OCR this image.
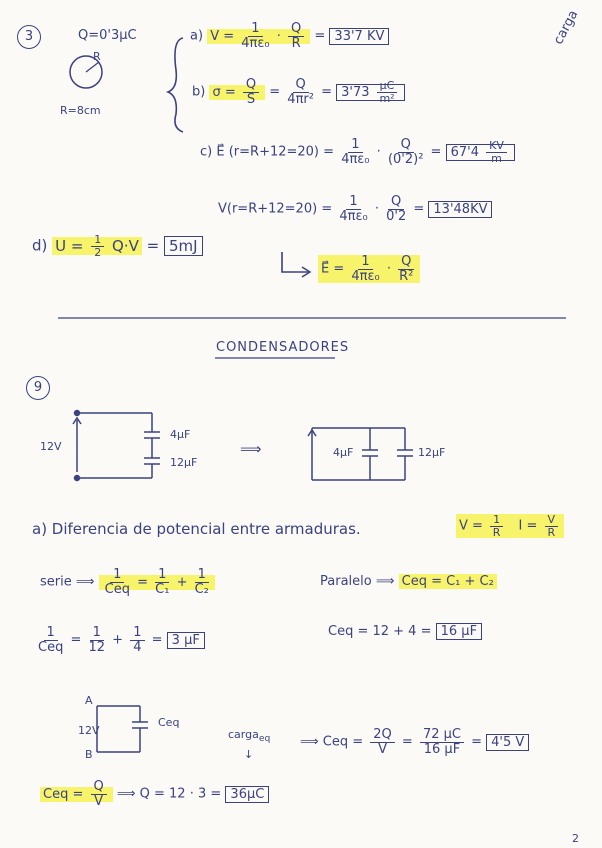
3	Q=0'3μC
R
R=8cm
carga
a) $V = \frac{1}{\text{4πε₀}} \cdot \frac{Q}{R} = 33'7$ KV
b) $\sigma = \frac{Q}{S} = \frac{Q}{\text{4πr²}} = 3'73 \frac{\mu C}{\text{m²}}$
c) E⃗ $(r=R+12=20) = \frac{1}{\text{4πε₀}} \cdot \frac{Q}{\text{(0'2)²}} = 67'4 \frac{KV}{m}$
$V(r=R+12=20) = \frac{1}{\text{4πε₀}} \cdot \frac{Q}{0'2} = 13'48KV$
d) $U = \frac{1}{2} Q\cdot V = 5mJ$
E⃗ = $\frac{1}{\text{4πε₀}} \cdot \frac{Q}{\text{R²}}$
CONDENSADORES
9
12V
4μF
12μF
⟹	4μF	12μF
a) Diferencia de potencial entre armaduras.	$V = \frac{1}{R}$ $I = \frac{V}{R}$
serie ⟹ $\frac{1}{\text{Ceq}} = \frac{1}{\text{C₁}} + \frac{1}{\text{C₂}}$	Paralelo ⟹ Ceq = C₁ + C₂
$\frac{1}{\text{Ceq}} = \frac{1}{12} + \frac{1}{4} = 3$ μF
Ceq = 12 + 4 = 16 μF
A
12V
B
Ceq
carga$_{eq}$
↓
⟹ Ceq = $\frac{2Q}{V} = \frac{72 \mu C}{16 \mu F} = 4'5$ V
Ceq = $\frac{Q}{V}$ ⟹ Q = 12 · 3 = 36μC
2
